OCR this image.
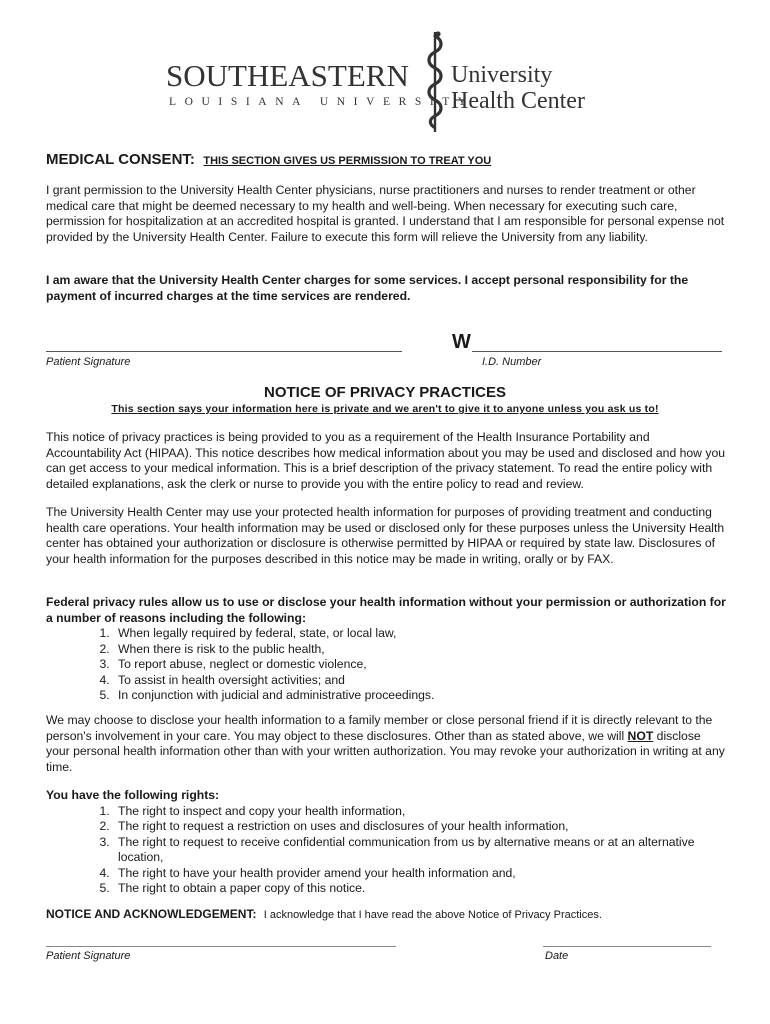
SOUTHEASTERN
LOUISIANA UNIVERSITY
University
Health Center
MEDICAL CONSENT: THIS SECTION GIVES US PERMISSION TO TREAT YOU

I grant permission to the University Health Center physicians, nurse practitioners and nurses to render treatment or other medical care that might be deemed necessary to my health and well-being. When necessary for executing such care, permission for hospitalization at an accredited hospital is granted. I understand that I am responsible for personal expense not provided by the University Health Center. Failure to execute this form will relieve the University from any liability.

I am aware that the University Health Center charges for some services. I accept personal responsibility for the payment of incurred charges at the time services are rendered.

Patient Signature
W
I.D. Number
NOTICE OF PRIVACY PRACTICES
This section says your information here is private and we aren't to give it to anyone unless you ask us to!

This notice of privacy practices is being provided to you as a requirement of the Health Insurance Portability and Accountability Act (HIPAA). This notice describes how medical information about you may be used and disclosed and how you can get access to your medical information. This is a brief description of the privacy statement. To read the entire policy with detailed explanations, ask the clerk or nurse to provide you with the entire policy to read and review.

The University Health Center may use your protected health information for purposes of providing treatment and conducting health care operations. Your health information may be used or disclosed only for these purposes unless the University Health center has obtained your authorization or disclosure is otherwise permitted by HIPAA or required by state law. Disclosures of your health information for the purposes described in this notice may be made in writing, orally or by FAX.

Federal privacy rules allow us to use or disclose your health information without your permission or authorization for a number of reasons including the following:

1. When legally required by federal, state, or local law,
2. When there is risk to the public health,
3. To report abuse, neglect or domestic violence,
4. To assist in health oversight activities; and
5. In conjunction with judicial and administrative proceedings.

We may choose to disclose your health information to a family member or close personal friend if it is directly relevant to the person's involvement in your care. You may object to these disclosures. Other than as stated above, we will NOT disclose your personal health information other than with your written authorization. You may revoke your authorization in writing at any time.

You have the following rights:

1. The right to inspect and copy your health information,
2. The right to request a restriction on uses and disclosures of your health information,
3. The right to request to receive confidential communication from us by alternative means or at an alternative location,
4. The right to have your health provider amend your health information and,
5. The right to obtain a paper copy of this notice.
NOTICE AND ACKNOWLEDGEMENT: I acknowledge that I have read the above Notice of Privacy Practices.
Patient Signature	Date
